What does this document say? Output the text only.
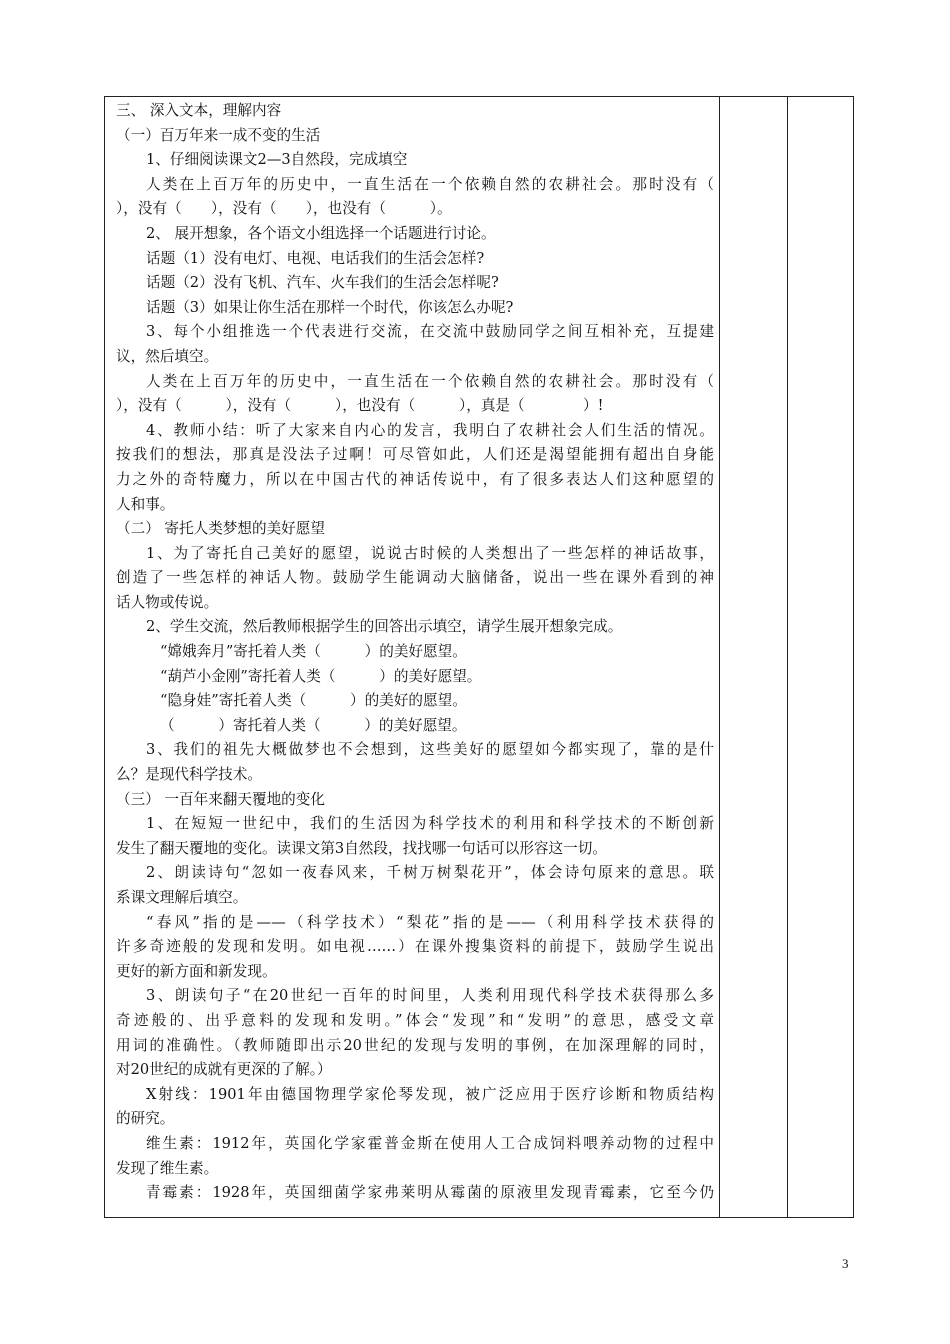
三、 深入文本，理解内容
（一）百万年来一成不变的生活
1、仔细阅读课文2—3自然段，完成填空
人类在上百万年的历史中，一直生活在一个依赖自然的农耕社会。那时没有（
），没有（　　），没有（　　），也没有（　　　）。
2、 展开想象，各个语文小组选择一个话题进行讨论。
话题（1）没有电灯、电视、电话我们的生活会怎样?
话题（2）没有飞机、汽车、火车我们的生活会怎样呢?
话题（3）如果让你生活在那样一个时代，你该怎么办呢?
3、每个小组推选一个代表进行交流，在交流中鼓励同学之间互相补充，互提建
议，然后填空。
人类在上百万年的历史中，一直生活在一个依赖自然的农耕社会。那时没有（
），没有（　　　），没有（　　　），也没有（　　　），真是（　　　　）!
4、教师小结：听了大家来自内心的发言，我明白了农耕社会人们生活的情况。
按我们的想法，那真是没法子过啊！可尽管如此，人们还是渴望能拥有超出自身能
力之外的奇特魔力，所以在中国古代的神话传说中，有了很多表达人们这种愿望的
人和事。
（二） 寄托人类梦想的美好愿望
1、为了寄托自己美好的愿望，说说古时候的人类想出了一些怎样的神话故事，
创造了一些怎样的神话人物。鼓励学生能调动大脑储备，说出一些在课外看到的神
话人物或传说。
2、学生交流，然后教师根据学生的回答出示填空，请学生展开想象完成。
“嫦娥奔月”寄托着人类（　　　）的美好愿望。
“葫芦小金刚”寄托着人类（　　　）的美好愿望。
“隐身娃”寄托着人类（　　　）的美好的愿望。
（　　　）寄托着人类（　　　）的美好愿望。
3、我们的祖先大概做梦也不会想到，这些美好的愿望如今都实现了，靠的是什
么？是现代科学技术。
（三） 一百年来翻天覆地的变化
1、在短短一世纪中，我们的生活因为科学技术的利用和科学技术的不断创新
发生了翻天覆地的变化。读课文第3自然段，找找哪一句话可以形容这一切。
2、朗读诗句“忽如一夜春风来，千树万树梨花开”，体会诗句原来的意思。联
系课文理解后填空。
“春风”指的是——（科学技术）“梨花”指的是——（利用科学技术获得的
许多奇迹般的发现和发明。如电视……）在课外搜集资料的前提下，鼓励学生说出
更好的新方面和新发现。
3、朗读句子“在20世纪一百年的时间里，人类利用现代科学技术获得那么多
奇迹般的、出乎意料的发现和发明。”体会“发现”和“发明”的意思，感受文章
用词的准确性。（教师随即出示20世纪的发现与发明的事例，在加深理解的同时，
对20世纪的成就有更深的了解。）
X射线：1901年由德国物理学家伦琴发现，被广泛应用于医疗诊断和物质结构
的研究。
维生素：1912年，英国化学家霍普金斯在使用人工合成饲料喂养动物的过程中
发现了维生素。
青霉素：1928年，英国细菌学家弗莱明从霉菌的原液里发现青霉素，它至今仍
3
